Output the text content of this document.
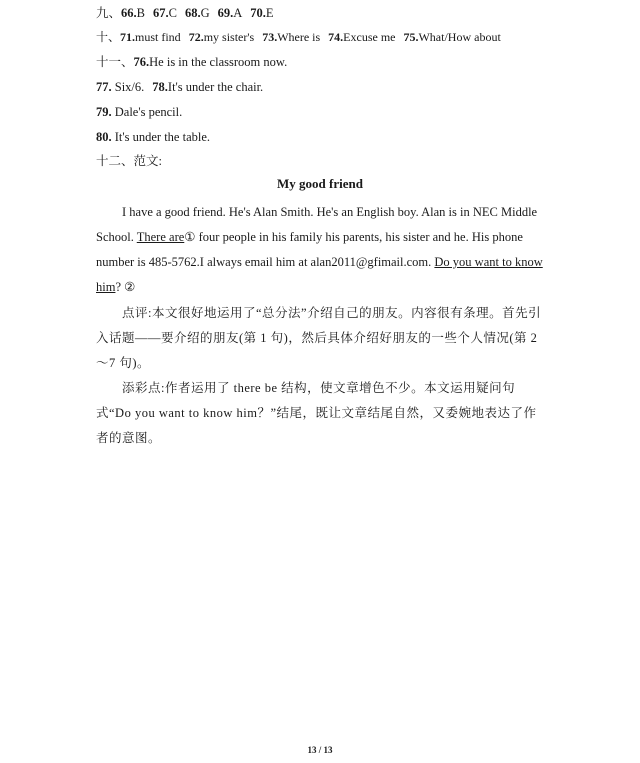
九、66.B 67.C 68.G 69.A 70.E
十、71.must find 72.my sister's 73.Where is 74.Excuse me 75.What/How about
十一、76.He is in the classroom now.
77. Six/6. 78.It's under the chair.
79. Dale's pencil.
80. It's under the table.
十二、范文:
My good friend

I have a good friend. He's Alan Smith. He's an English boy. Alan is in NEC Middle School. There are① four people in his family his parents, his sister and he. His phone number is 485-5762.I always email him at alan2011@gfimail.com. Do you want to know him? ②

点评:本文很好地运用了“总分法”介绍自己的朋友。内容很有条理。首先引入话题——要介绍的朋友(第 1 句)，然后具体介绍好朋友的一些个人情况(第 2～7 句)。

添彩点:作者运用了 there be 结构，使文章增色不少。本文运用疑问句式“Do you want to know him？”结尾，既让文章结尾自然，又委婉地表达了作者的意图。

13 / 13
